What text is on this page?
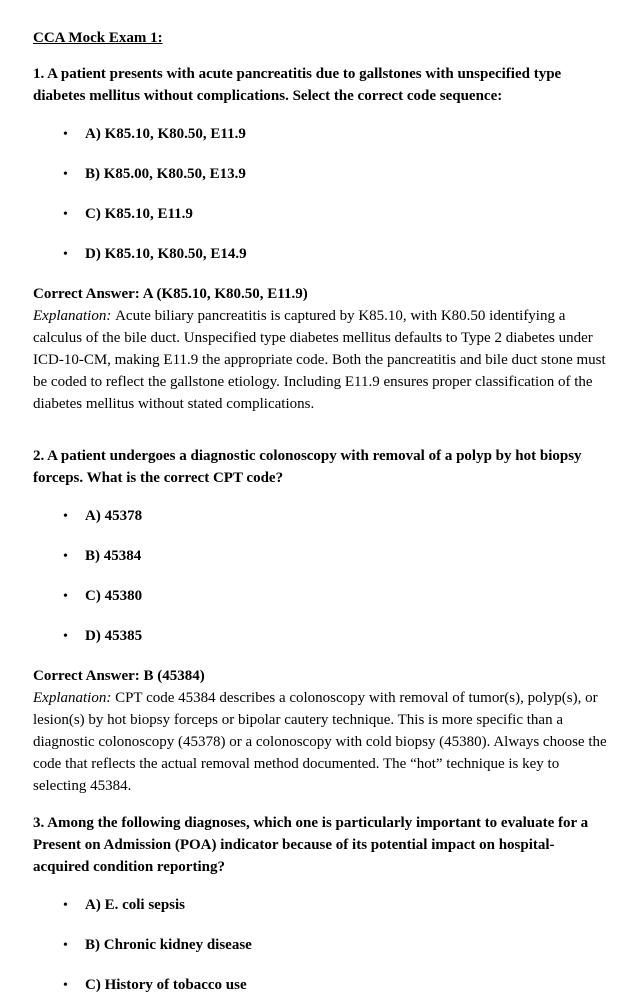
CCA Mock Exam 1:

1. A patient presents with acute pancreatitis due to gallstones with unspecified type diabetes mellitus without complications. Select the correct code sequence:

•	A) K85.10, K80.50, E11.9
•	B) K85.00, K80.50, E13.9
•	C) K85.10, E11.9
•	D) K85.10, K80.50, E14.9

Correct Answer: A (K85.10, K80.50, E11.9)

Explanation: Acute biliary pancreatitis is captured by K85.10, with K80.50 identifying a calculus of the bile duct. Unspecified type diabetes mellitus defaults to Type 2 diabetes under ICD-10-CM, making E11.9 the appropriate code. Both the pancreatitis and bile duct stone must be coded to reflect the gallstone etiology. Including E11.9 ensures proper classification of the diabetes mellitus without stated complications.

2. A patient undergoes a diagnostic colonoscopy with removal of a polyp by hot biopsy forceps. What is the correct CPT code?

•	A) 45378
•	B) 45384
•	C) 45380
•	D) 45385

Correct Answer: B (45384)

Explanation: CPT code 45384 describes a colonoscopy with removal of tumor(s), polyp(s), or lesion(s) by hot biopsy forceps or bipolar cautery technique. This is more specific than a diagnostic colonoscopy (45378) or a colonoscopy with cold biopsy (45380). Always choose the code that reflects the actual removal method documented. The “hot” technique is key to selecting 45384.

3. Among the following diagnoses, which one is particularly important to evaluate for a Present on Admission (POA) indicator because of its potential impact on hospital-acquired condition reporting?

•	A) E. coli sepsis
•	B) Chronic kidney disease
•	C) History of tobacco use
